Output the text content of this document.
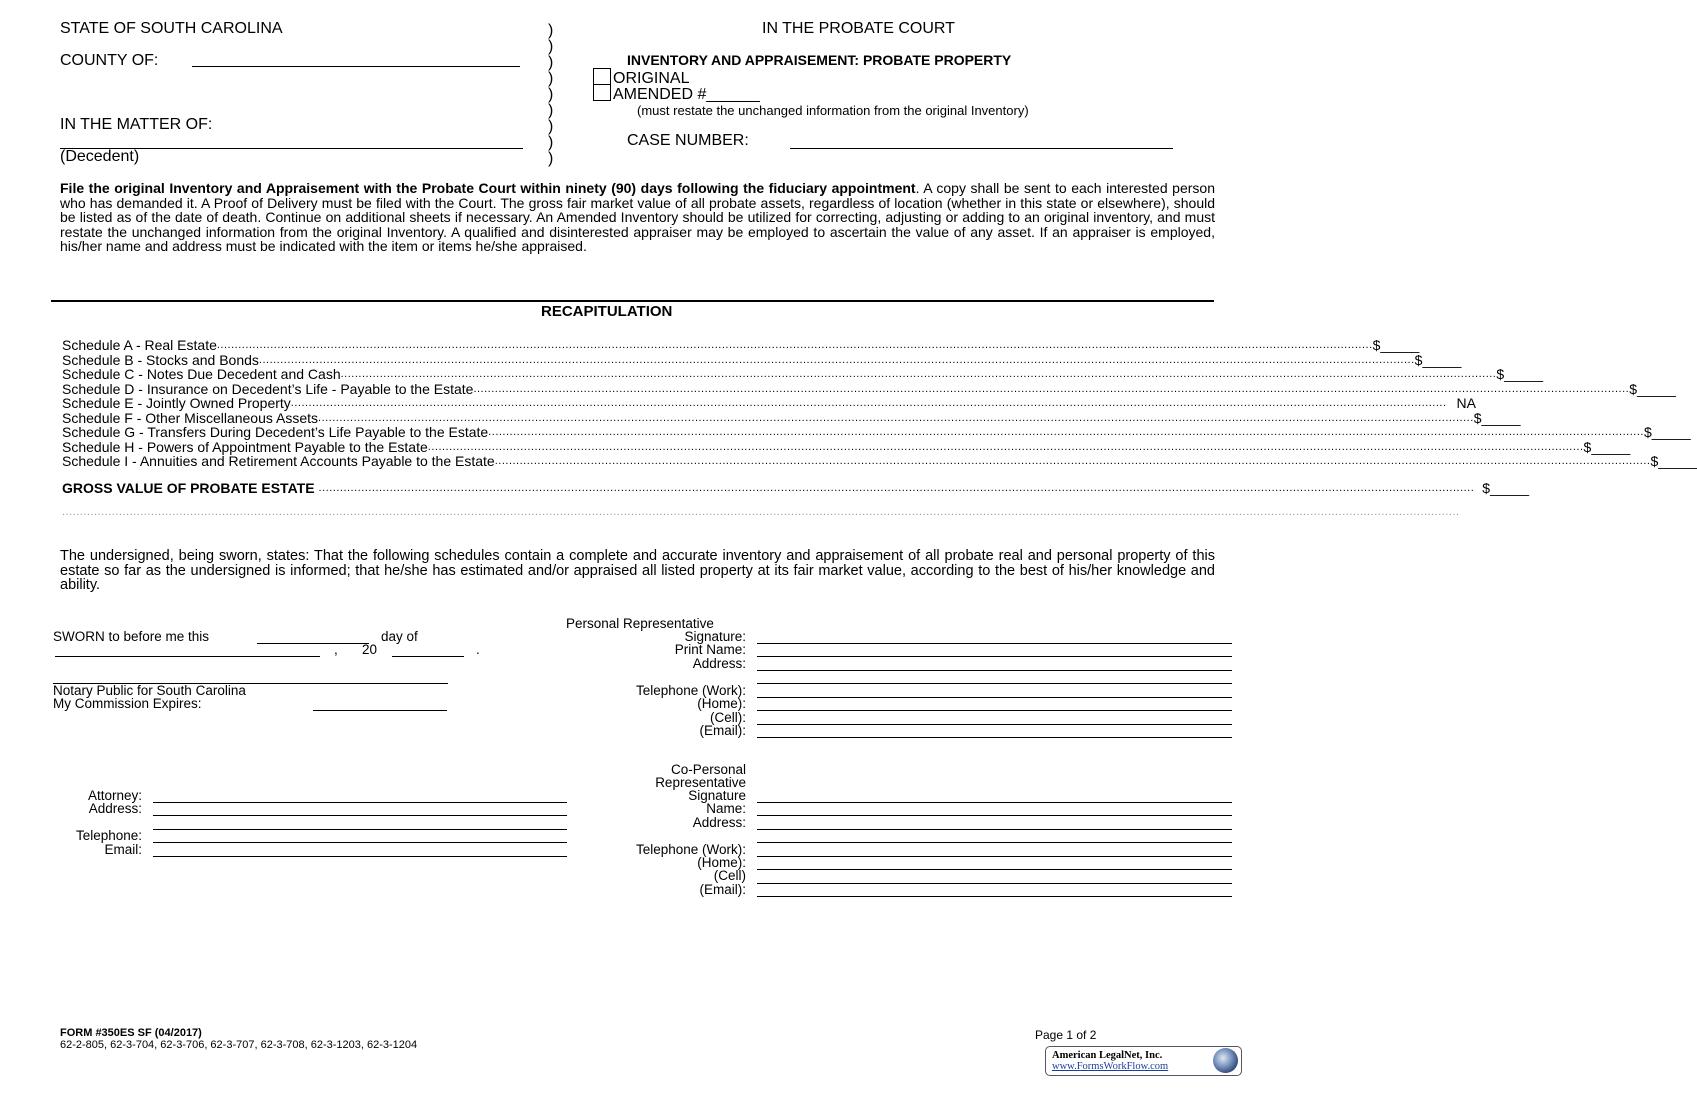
STATE OF SOUTH CAROLINA
COUNTY OF:
IN THE MATTER OF:
(Decedent)
)
)
)
)
)
)
)
)
)
IN THE PROBATE COURT
INVENTORY AND APPRAISEMENT: PROBATE PROPERTY
ORIGINAL
AMENDED #______
(must restate the unchanged information from the original Inventory)
CASE NUMBER:
File the original Inventory and Appraisement with the Probate Court within ninety (90) days following the fiduciary appointment. A copy shall be sent to each interested person who has demanded it. A Proof of Delivery must be filed with the Court. The gross fair market value of all probate assets, regardless of location (whether in this state or elsewhere), should be listed as of the date of death. Continue on additional sheets if necessary. An Amended Inventory should be utilized for correcting, adjusting or adding to an original inventory, and must restate the unchanged information from the original Inventory. A qualified and disinterested appraiser may be employed to ascertain the value of any asset. If an appraiser is employed, his/her name and address must be indicated with the item or items he/she appraised.
RECAPITULATION
Schedule A - Real Estate .....	$_____
Schedule B - Stocks and Bonds .....	$_____
Schedule C - Notes Due Decedent and Cash .....	$_____
Schedule D - Insurance on Decedent’s Life - Payable to the Estate .....	$_____
Schedule E - Jointly Owned Property .....	NA
Schedule F - Other Miscellaneous Assets .....	$_____
Schedule G - Transfers During Decedent’s Life Payable to the Estate .....	$_____
Schedule H - Powers of Appointment Payable to the Estate .....	$_____
Schedule I - Annuities and Retirement Accounts Payable to the Estate .....	$_____
GROSS VALUE OF PROBATE ESTATE .....	$_____
.........................................................................................................................................................................................................................................................................................................................................................................................................
The undersigned, being sworn, states: That the following schedules contain a complete and accurate inventory and appraisement of all probate real and personal property of this estate so far as the undersigned is informed; that he/she has estimated and/or appraised all listed property at its fair market value, according to the best of his/her knowledge and ability.
SWORN to before me this	day of
, 20	.
Notary Public for South Carolina
My Commission Expires:
Personal Representative
Signature:
Print Name:
Address:
Telephone (Work):
(Home):
(Cell):
(Email):
Attorney:
Address:
Telephone:
Email:
Co-Personal
Representative
Signature
Name:
Address:
Telephone (Work):
(Home):
(Cell)
(Email):
FORM #350ES SF (04/2017)
62-2-805, 62-3-704, 62-3-706, 62-3-707, 62-3-708, 62-3-1203, 62-3-1204
Page 1 of 2
American LegalNet, Inc.
www.FormsWorkFlow.com
